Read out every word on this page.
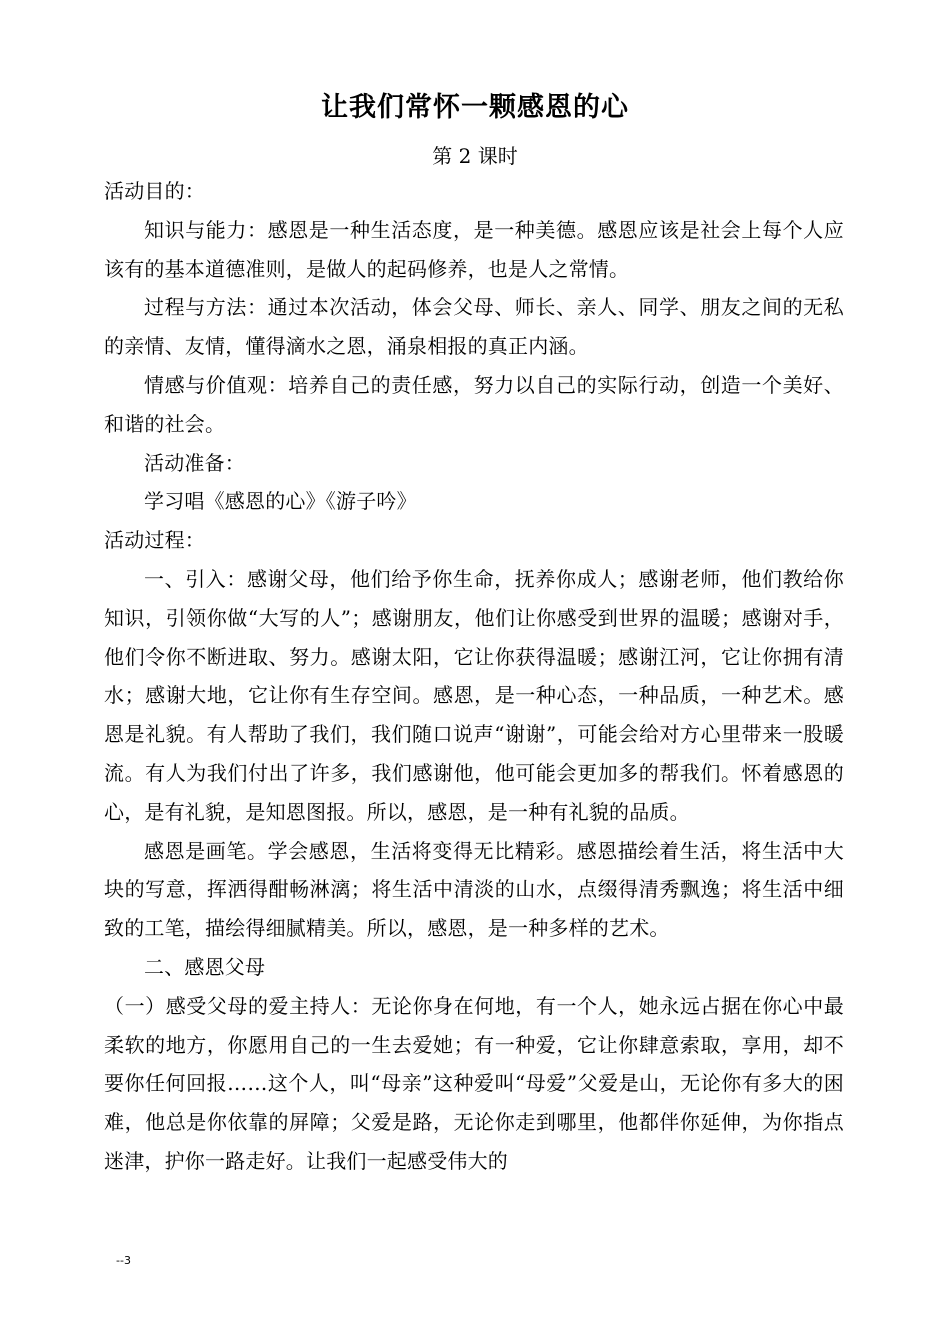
让我们常怀一颗感恩的心
第 2 课时

活动目的：

知识与能力：感恩是一种生活态度，是一种美德。感恩应该是社会上每个人应该有的基本道德准则，是做人的起码修养，也是人之常情。

过程与方法：通过本次活动，体会父母、师长、亲人、同学、朋友之间的无私的亲情、友情，懂得滴水之恩，涌泉相报的真正内涵。

情感与价值观：培养自己的责任感，努力以自己的实际行动，创造一个美好、和谐的社会。

活动准备：

学习唱《感恩的心》《游子吟》

活动过程：

一、引入：感谢父母，他们给予你生命，抚养你成人；感谢老师，他们教给你知识，引领你做“大写的人”；感谢朋友，他们让你感受到世界的温暖；感谢对手，他们令你不断进取、努力。感谢太阳，它让你获得温暖；感谢江河，它让你拥有清水；感谢大地，它让你有生存空间。感恩，是一种心态，一种品质，一种艺术。感恩是礼貌。有人帮助了我们，我们随口说声“谢谢”，可能会给对方心里带来一股暖流。有人为我们付出了许多，我们感谢他，他可能会更加多的帮我们。怀着感恩的心，是有礼貌，是知恩图报。所以，感恩，是一种有礼貌的品质。

感恩是画笔。学会感恩，生活将变得无比精彩。感恩描绘着生活，将生活中大块的写意，挥洒得酣畅淋漓；将生活中清淡的山水，点缀得清秀飘逸；将生活中细致的工笔，描绘得细腻精美。所以，感恩，是一种多样的艺术。

二、感恩父母

（一）感受父母的爱主持人：无论你身在何地，有一个人，她永远占据在你心中最柔软的地方，你愿用自己的一生去爱她；有一种爱，它让你肆意索取，享用，却不要你任何回报……这个人，叫“母亲”这种爱叫“母爱”父爱是山，无论你有多大的困难，他总是你依靠的屏障；父爱是路，无论你走到哪里，他都伴你延伸，为你指点迷津，护你一路走好。让我们一起感受伟大的

--3
